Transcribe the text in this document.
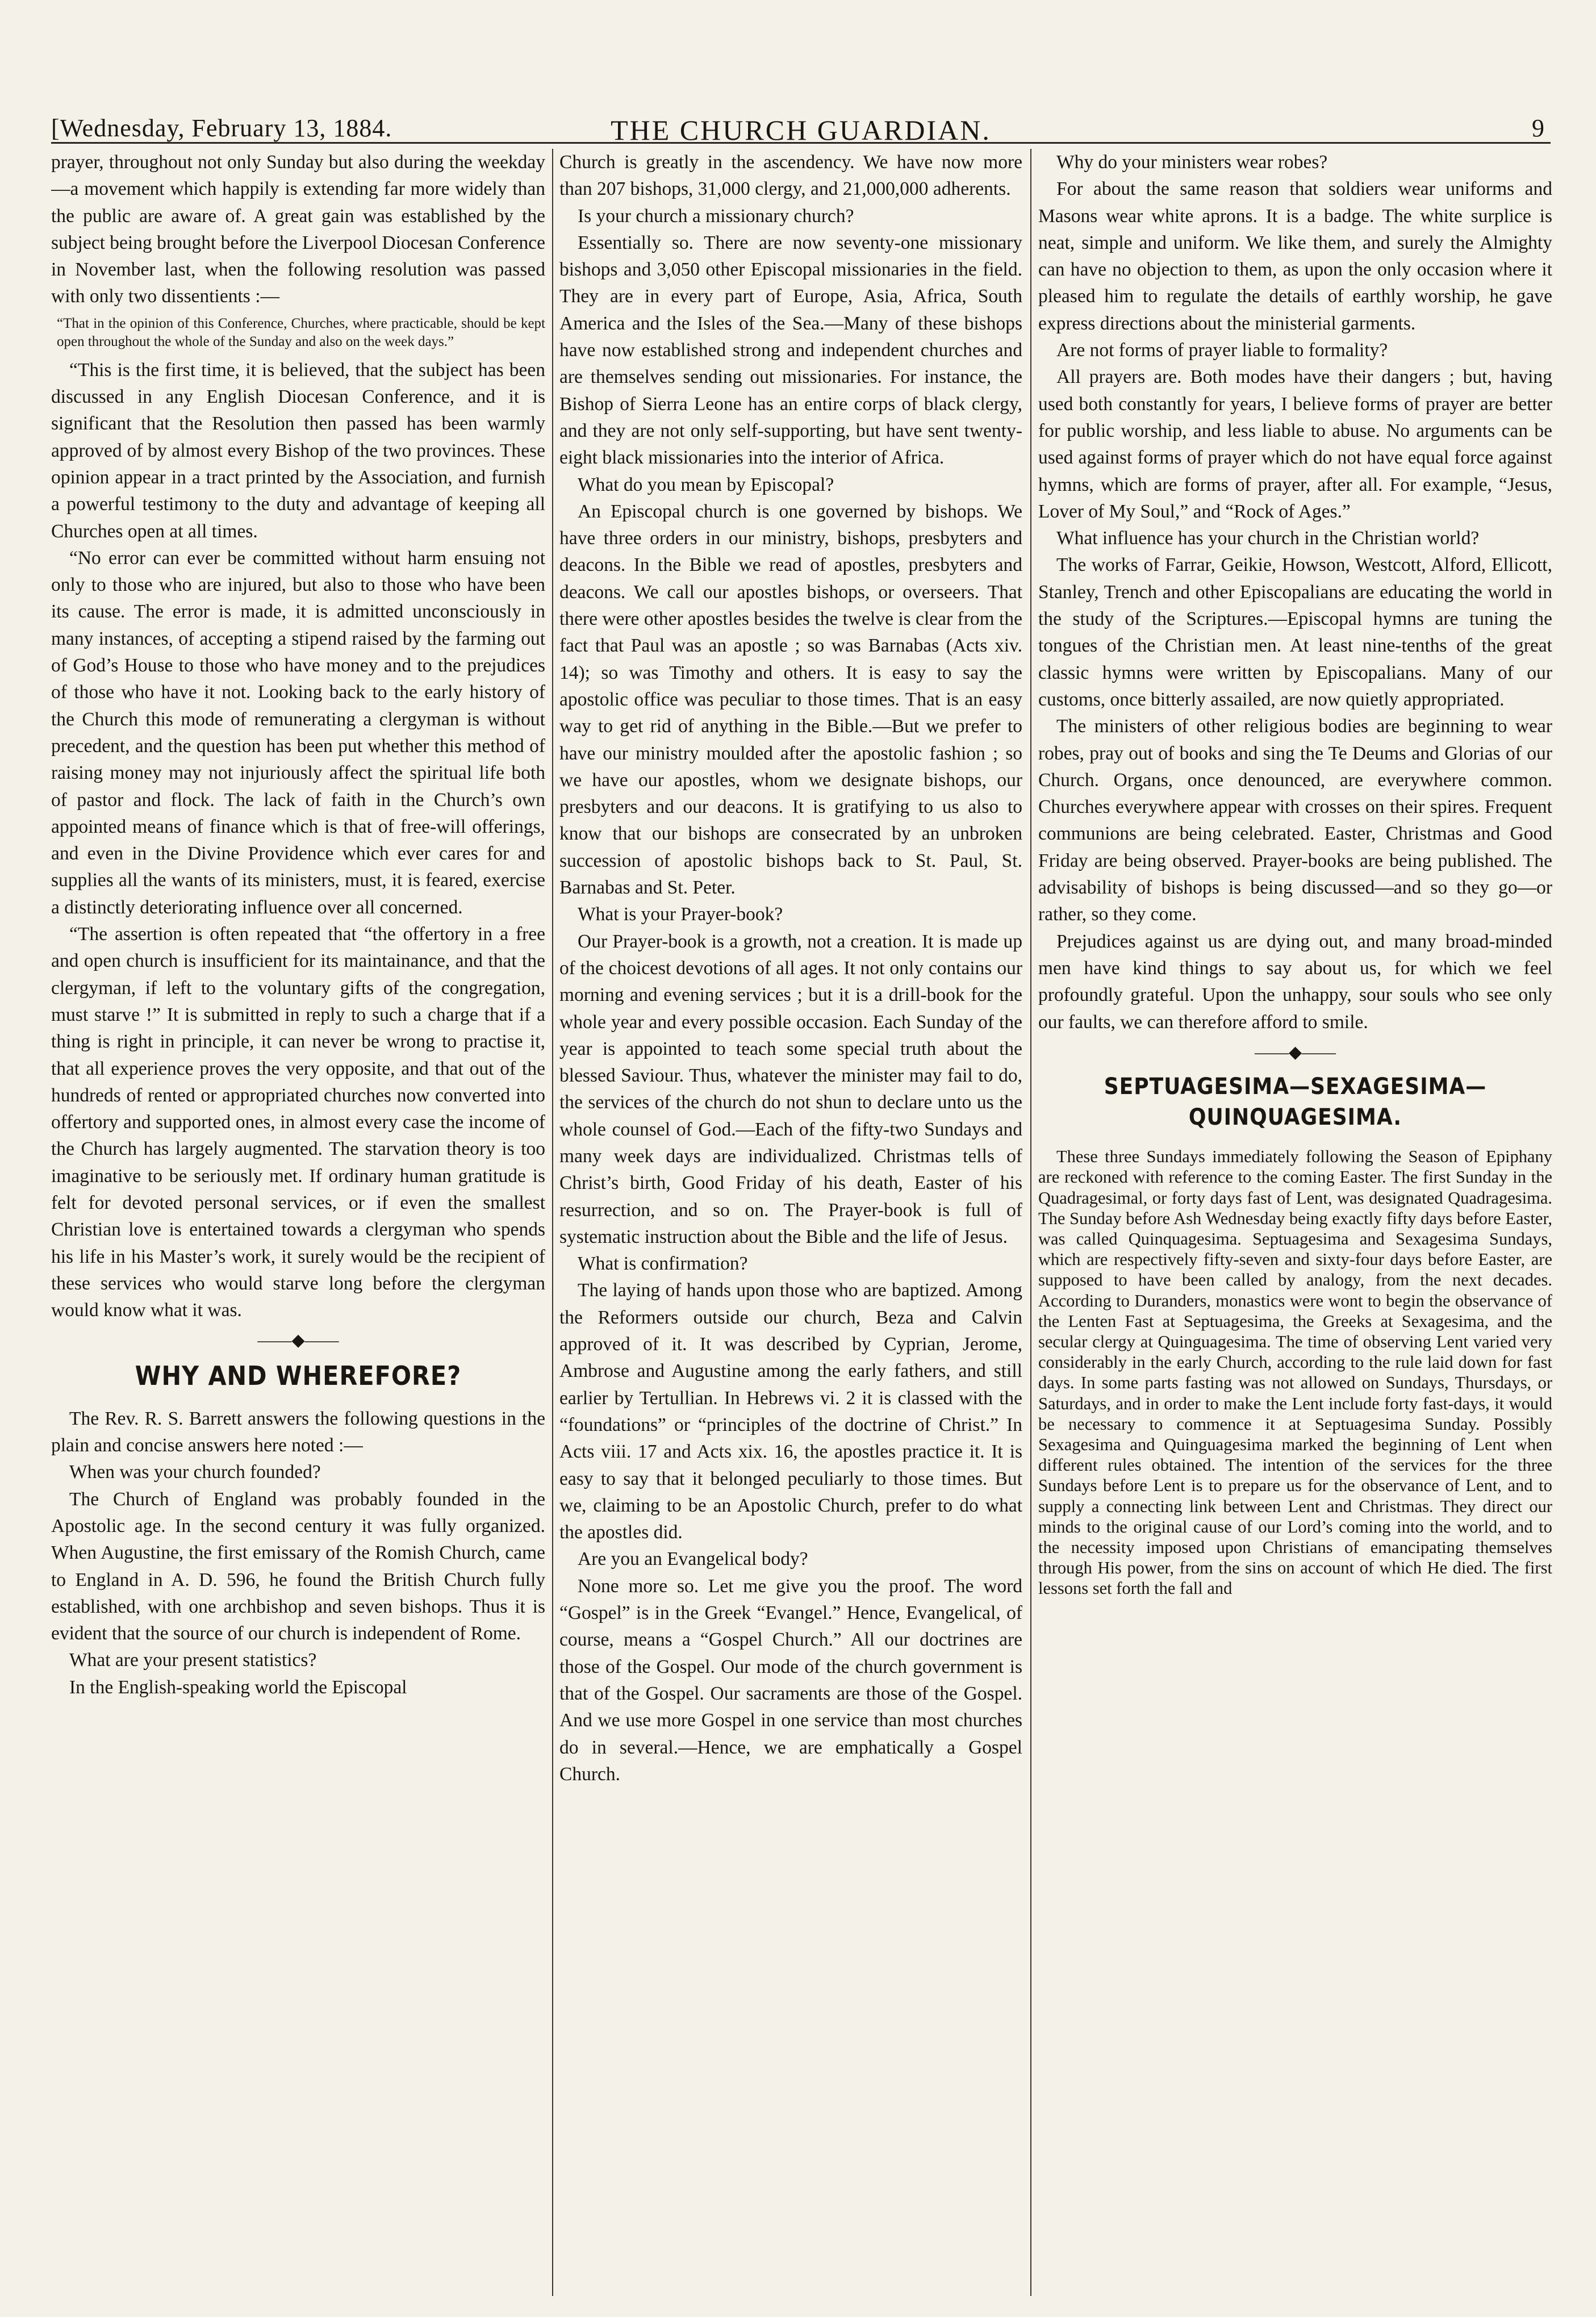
[Wednesday, February 13, 1884.	THE CHURCH GUARDIAN.	9

prayer, throughout not only Sunday but also during the weekday—a movement which happily is extending far more widely than the public are aware of. A great gain was established by the subject being brought before the Liverpool Diocesan Conference in November last, when the following resolution was passed with only two dissentients :—

“That in the opinion of this Conference, Churches, where practicable, should be kept open throughout the whole of the Sunday and also on the week days.”

“This is the first time, it is believed, that the subject has been discussed in any English Diocesan Conference, and it is significant that the Resolution then passed has been warmly approved of by almost every Bishop of the two provinces. These opinion appear in a tract printed by the Association, and furnish a powerful testimony to the duty and advantage of keeping all Churches open at all times.

“No error can ever be committed without harm ensuing not only to those who are injured, but also to those who have been its cause. The error is made, it is admitted unconsciously in many instances, of accepting a stipend raised by the farming out of God’s House to those who have money and to the prejudices of those who have it not. Looking back to the early history of the Church this mode of remunerating a clergyman is without precedent, and the question has been put whether this method of raising money may not injuriously affect the spiritual life both of pastor and flock. The lack of faith in the Church’s own appointed means of finance which is that of free-will offerings, and even in the Divine Providence which ever cares for and supplies all the wants of its ministers, must, it is feared, exercise a distinctly deteriorating influence over all concerned.

“The assertion is often repeated that “the offertory in a free and open church is insufficient for its maintainance, and that the clergyman, if left to the voluntary gifts of the congregation, must starve !” It is submitted in reply to such a charge that if a thing is right in principle, it can never be wrong to practise it, that all experience proves the very opposite, and that out of the hundreds of rented or appropriated churches now converted into offertory and supported ones, in almost every case the income of the Church has largely augmented. The starvation theory is too imaginative to be seriously met. If ordinary human gratitude is felt for devoted personal services, or if even the smallest Christian love is entertained towards a clergyman who spends his life in his Master’s work, it surely would be the recipient of these services who would starve long before the clergyman would know what it was.

——◆——
WHY AND WHEREFORE?

The Rev. R. S. Barrett answers the following questions in the plain and concise answers here noted :—

When was your church founded?

The Church of England was probably founded in the Apostolic age. In the second century it was fully organized. When Augustine, the first emissary of the Romish Church, came to England in A. D. 596, he found the British Church fully established, with one archbishop and seven bishops. Thus it is evident that the source of our church is independent of Rome.

What are your present statistics?

In the English-speaking world the Episcopal

Church is greatly in the ascendency. We have now more than 207 bishops, 31,000 clergy, and 21,000,000 adherents.

Is your church a missionary church?

Essentially so. There are now seventy-one missionary bishops and 3,050 other Episcopal missionaries in the field. They are in every part of Europe, Asia, Africa, South America and the Isles of the Sea.—Many of these bishops have now established strong and independent churches and are themselves sending out missionaries. For instance, the Bishop of Sierra Leone has an entire corps of black clergy, and they are not only self-supporting, but have sent twenty-eight black missionaries into the interior of Africa.

What do you mean by Episcopal?

An Episcopal church is one governed by bishops. We have three orders in our ministry, bishops, presbyters and deacons. In the Bible we read of apostles, presbyters and deacons. We call our apostles bishops, or overseers. That there were other apostles besides the twelve is clear from the fact that Paul was an apostle ; so was Barnabas (Acts xiv. 14); so was Timothy and others. It is easy to say the apostolic office was peculiar to those times. That is an easy way to get rid of anything in the Bible.—But we prefer to have our ministry moulded after the apostolic fashion ; so we have our apostles, whom we designate bishops, our presbyters and our deacons. It is gratifying to us also to know that our bishops are consecrated by an unbroken succession of apostolic bishops back to St. Paul, St. Barnabas and St. Peter.

What is your Prayer-book?

Our Prayer-book is a growth, not a creation. It is made up of the choicest devotions of all ages. It not only contains our morning and evening services ; but it is a drill-book for the whole year and every possible occasion. Each Sunday of the year is appointed to teach some special truth about the blessed Saviour. Thus, whatever the minister may fail to do, the services of the church do not shun to declare unto us the whole counsel of God.—Each of the fifty-two Sundays and many week days are individualized. Christmas tells of Christ’s birth, Good Friday of his death, Easter of his resurrection, and so on. The Prayer-book is full of systematic instruction about the Bible and the life of Jesus.

What is confirmation?

The laying of hands upon those who are baptized. Among the Reformers outside our church, Beza and Calvin approved of it. It was described by Cyprian, Jerome, Ambrose and Augustine among the early fathers, and still earlier by Tertullian. In Hebrews vi. 2 it is classed with the “foundations” or “principles of the doctrine of Christ.” In Acts viii. 17 and Acts xix. 16, the apostles practice it. It is easy to say that it belonged peculiarly to those times. But we, claiming to be an Apostolic Church, prefer to do what the apostles did.

Are you an Evangelical body?

None more so. Let me give you the proof. The word “Gospel” is in the Greek “Evangel.” Hence, Evangelical, of course, means a “Gospel Church.” All our doctrines are those of the Gospel. Our mode of the church government is that of the Gospel. Our sacraments are those of the Gospel. And we use more Gospel in one service than most churches do in several.—Hence, we are emphatically a Gospel Church.

Why do your ministers wear robes?

For about the same reason that soldiers wear uniforms and Masons wear white aprons. It is a badge. The white surplice is neat, simple and uniform. We like them, and surely the Almighty can have no objection to them, as upon the only occasion where it pleased him to regulate the details of earthly worship, he gave express directions about the ministerial garments.

Are not forms of prayer liable to formality?

All prayers are. Both modes have their dangers ; but, having used both constantly for years, I believe forms of prayer are better for public worship, and less liable to abuse. No arguments can be used against forms of prayer which do not have equal force against hymns, which are forms of prayer, after all. For example, “Jesus, Lover of My Soul,” and “Rock of Ages.”

What influence has your church in the Christian world?

The works of Farrar, Geikie, Howson, Westcott, Alford, Ellicott, Stanley, Trench and other Episcopalians are educating the world in the study of the Scriptures.—Episcopal hymns are tuning the tongues of the Christian men. At least nine-tenths of the great classic hymns were written by Episcopalians. Many of our customs, once bitterly assailed, are now quietly appropriated.

The ministers of other religious bodies are beginning to wear robes, pray out of books and sing the Te Deums and Glorias of our Church. Organs, once denounced, are everywhere common. Churches everywhere appear with crosses on their spires. Frequent communions are being celebrated. Easter, Christmas and Good Friday are being observed. Prayer-books are being published. The advisability of bishops is being discussed—and so they go—or rather, so they come.

Prejudices against us are dying out, and many broad-minded men have kind things to say about us, for which we feel profoundly grateful. Upon the unhappy, sour souls who see only our faults, we can therefore afford to smile.

——◆——
SEPTUAGESIMA—SEXAGESIMA—QUINQUAGESIMA.

These three Sundays immediately following the Season of Epiphany are reckoned with reference to the coming Easter. The first Sunday in the Quadragesimal, or forty days fast of Lent, was designated Quadragesima. The Sunday before Ash Wednesday being exactly fifty days before Easter, was called Quinquagesima. Septuagesima and Sexagesima Sundays, which are respectively fifty-seven and sixty-four days before Easter, are supposed to have been called by analogy, from the next decades. According to Duranders, monastics were wont to begin the observance of the Lenten Fast at Septuagesima, the Greeks at Sexagesima, and the secular clergy at Quinguagesima. The time of observing Lent varied very considerably in the early Church, according to the rule laid down for fast days. In some parts fasting was not allowed on Sundays, Thursdays, or Saturdays, and in order to make the Lent include forty fast-days, it would be necessary to commence it at Septuagesima Sunday. Possibly Sexagesima and Quinguagesima marked the beginning of Lent when different rules obtained. The intention of the services for the three Sundays before Lent is to prepare us for the observance of Lent, and to supply a connecting link between Lent and Christmas. They direct our minds to the original cause of our Lord’s coming into the world, and to the necessity imposed upon Christians of emancipating themselves through His power, from the sins on account of which He died. The first lessons set forth the fall and
